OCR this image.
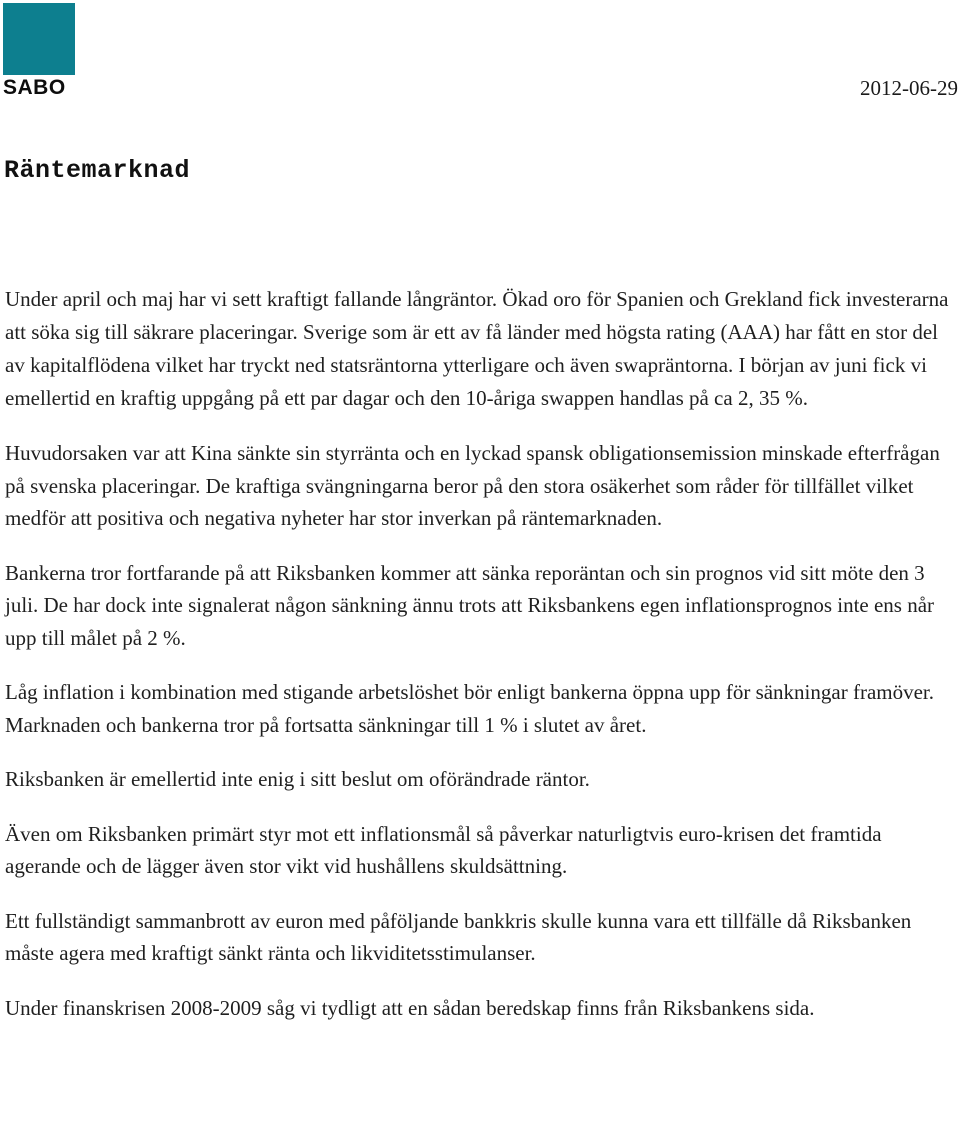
SABO	2012-06-29
Räntemarknad

Under april och maj har vi sett kraftigt fallande långräntor. Ökad oro för Spanien och Grekland fick investerarna att söka sig till säkrare placeringar. Sverige som är ett av få länder med högsta rating (AAA) har fått en stor del av kapitalflödena vilket har tryckt ned statsräntorna ytterligare och även swapräntorna. I början av juni fick vi emellertid en kraftig uppgång på ett par dagar och den 10-åriga swappen handlas på ca 2, 35 %.

Huvudorsaken var att Kina sänkte sin styrränta och en lyckad spansk obligationsemission minskade efterfrågan på svenska placeringar. De kraftiga svängningarna beror på den stora osäkerhet som råder för tillfället vilket medför att positiva och negativa nyheter har stor inverkan på räntemarknaden.

Bankerna tror fortfarande på att Riksbanken kommer att sänka reporäntan och sin prognos vid sitt möte den 3 juli. De har dock inte signalerat någon sänkning ännu trots att Riksbankens egen inflationsprognos inte ens når upp till målet på 2 %.

Låg inflation i kombination med stigande arbetslöshet bör enligt bankerna öppna upp för sänkningar framöver. Marknaden och bankerna tror på fortsatta sänkningar till 1 % i slutet av året.

Riksbanken är emellertid inte enig i sitt beslut om oförändrade räntor.

Även om Riksbanken primärt styr mot ett inflationsmål så påverkar naturligtvis euro-krisen det framtida agerande och de lägger även stor vikt vid hushållens skuldsättning.

Ett fullständigt sammanbrott av euron med påföljande bankkris skulle kunna vara ett tillfälle då Riksbanken måste agera med kraftigt sänkt ränta och likviditetsstimulanser.

Under finanskrisen 2008-2009 såg vi tydligt att en sådan beredskap finns från Riksbankens sida.
